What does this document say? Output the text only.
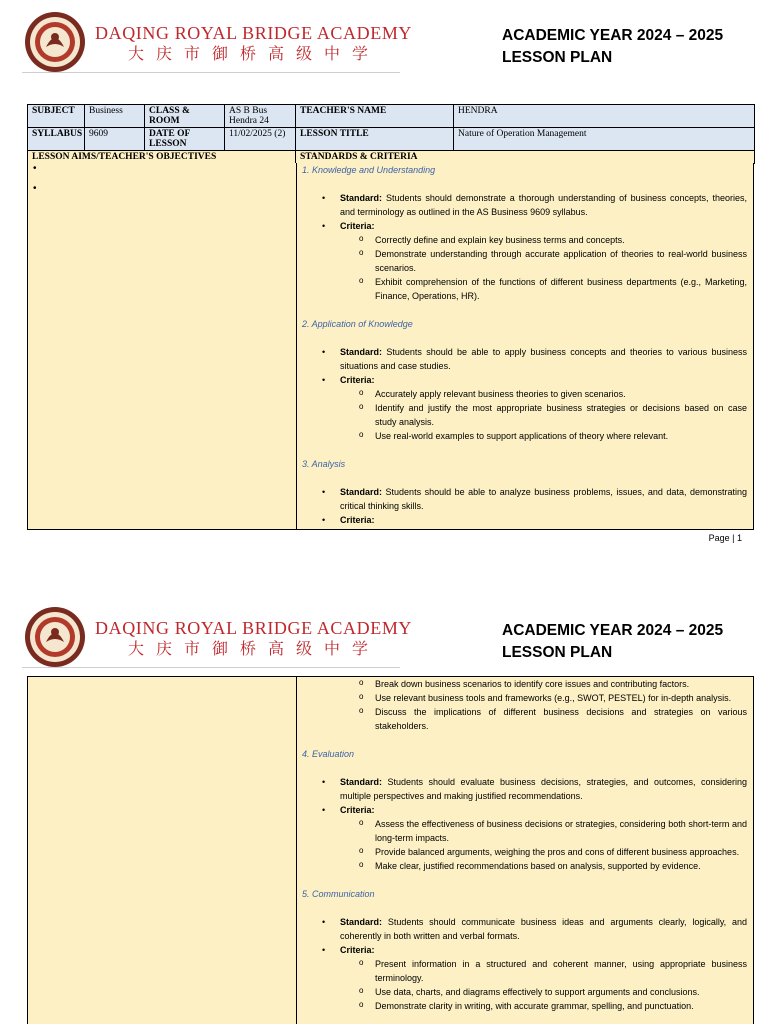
DAQING ROYAL BRIDGE ACADEMY
大庆市御桥高级中学
ACADEMIC YEAR 2024 – 2025
LESSON PLAN
SUBJECT	Business	CLASS & ROOM	AS B Bus Hendra 24	TEACHER'S NAME	HENDRA
SYLLABUS	9609	DATE OF LESSON	11/02/2025 (2)	LESSON TITLE	Nature of Operation Management
LESSON AIMS/TEACHER'S OBJECTIVES				STANDARDS & CRITERIA	
•
•

1. Knowledge and Understanding

• Standard: Students should demonstrate a thorough understanding of business concepts, theories, and terminology as outlined in the AS Business 9609 syllabus.
• Criteria:
o Correctly define and explain key business terms and concepts.
o Demonstrate understanding through accurate application of theories to real-world business scenarios.
o Exhibit comprehension of the functions of different business departments (e.g., Marketing, Finance, Operations, HR).

2. Application of Knowledge

• Standard: Students should be able to apply business concepts and theories to various business situations and case studies.
• Criteria:
o Accurately apply relevant business theories to given scenarios.
o Identify and justify the most appropriate business strategies or decisions based on case study analysis.
o Use real-world examples to support applications of theory where relevant.

3. Analysis

• Standard: Students should be able to analyze business problems, issues, and data, demonstrating critical thinking skills.
• Criteria:
Page | 1
DAQING ROYAL BRIDGE ACADEMY
大庆市御桥高级中学
ACADEMIC YEAR 2024 – 2025
LESSON PLAN
o Break down business scenarios to identify core issues and contributing factors.
o Use relevant business tools and frameworks (e.g., SWOT, PESTEL) for in-depth analysis.
o Discuss the implications of different business decisions and strategies on various stakeholders.

4. Evaluation

• Standard: Students should evaluate business decisions, strategies, and outcomes, considering multiple perspectives and making justified recommendations.
• Criteria:
o Assess the effectiveness of business decisions or strategies, considering both short-term and long-term impacts.
o Provide balanced arguments, weighing the pros and cons of different business approaches.
o Make clear, justified recommendations based on analysis, supported by evidence.

5. Communication

• Standard: Students should communicate business ideas and arguments clearly, logically, and coherently in both written and verbal formats.
• Criteria:
o Present information in a structured and coherent manner, using appropriate business terminology.
o Use data, charts, and diagrams effectively to support arguments and conclusions.
o Demonstrate clarity in writing, with accurate grammar, spelling, and punctuation.
